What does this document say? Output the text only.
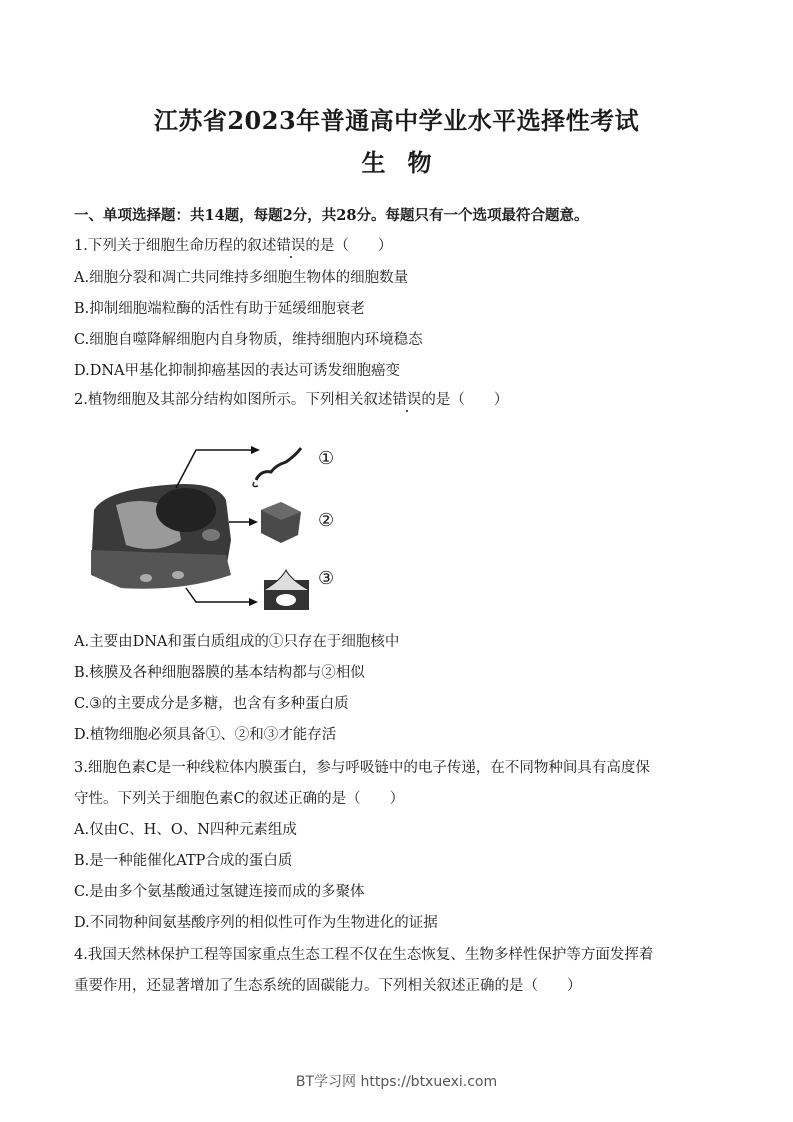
江苏省2023年普通高中学业水平选择性考试
生物
一、单项选择题：共14题，每题2分，共28分。每题只有一个选项最符合题意。
1.下列关于细胞生命历程的叙述错误的是（　　）
A.细胞分裂和凋亡共同维持多细胞生物体的细胞数量
B.抑制细胞端粒酶的活性有助于延缓细胞衰老
C.细胞自噬降解细胞内自身物质，维持细胞内环境稳态
D.DNA甲基化抑制抑癌基因的表达可诱发细胞癌变
2.植物细胞及其部分结构如图所示。下列相关叙述错误的是（　　）
①
②
③
A.主要由DNA和蛋白质组成的①只存在于细胞核中
B.核膜及各种细胞器膜的基本结构都与②相似
C.③的主要成分是多糖，也含有多种蛋白质
D.植物细胞必须具备①、②和③才能存活
3.细胞色素C是一种线粒体内膜蛋白，参与呼吸链中的电子传递，在不同物种间具有高度保
守性。下列关于细胞色素C的叙述正确的是（　　）
A.仅由C、H、O、N四种元素组成
B.是一种能催化ATP合成的蛋白质
C.是由多个氨基酸通过氢键连接而成的多聚体
D.不同物种间氨基酸序列的相似性可作为生物进化的证据
4.我国天然林保护工程等国家重点生态工程不仅在生态恢复、生物多样性保护等方面发挥着
重要作用，还显著增加了生态系统的固碳能力。下列相关叙述正确的是（　　）
BT学习网 https://btxuexi.com
